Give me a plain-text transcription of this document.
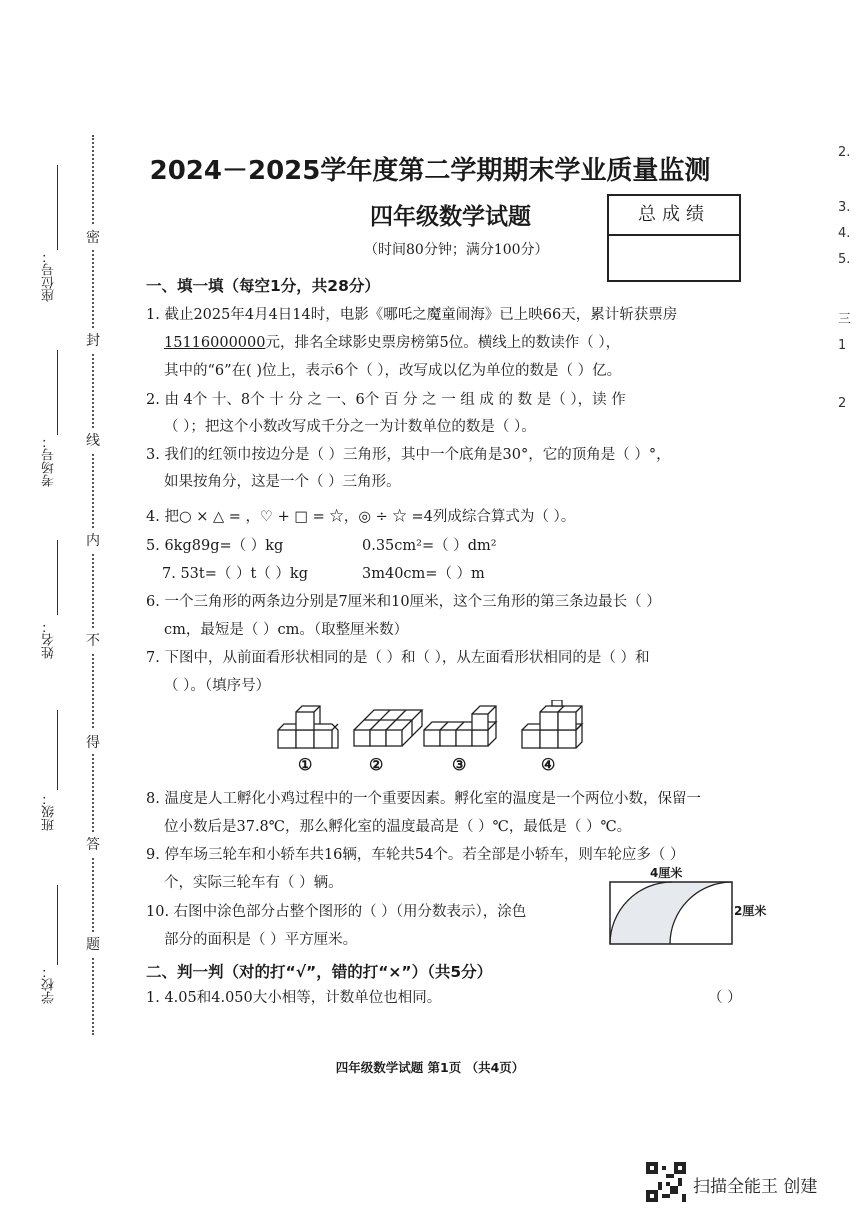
座位号：
考场号：
姓名：
班级：
学校：
密
封
线
内
不
得
答
题
2.
3.
4.
5.
三
1
2
2024－2025学年度第二学期期末学业质量监测
四年级数学试题
（时间80分钟；满分100分）
总成绩
一、填一填（每空1分，共28分）
1. 截止2025年4月4日14时，电影《哪吒之魔童闹海》已上映66天，累计斩获票房
15116000000元，排名全球影史票房榜第5位。横线上的数读作（ ），
其中的“6”在( )位上，表示6个（ ），改写成以亿为单位的数是（ ）亿。
2. 由 4个 十、8个 十 分 之 一、6个 百 分 之 一 组 成 的 数 是（ ），读 作
（ ）；把这个小数改写成千分之一为计数单位的数是（ ）。
3. 我们的红领巾按边分是（ ）三角形，其中一个底角是30°，它的顶角是（ ）°，
如果按角分，这是一个（ ）三角形。
4. 把○ × △ = ，♡ + □ = ☆，◎ ÷ ☆ =4列成综合算式为（ ）。
5. 6kg89g=（ ）kg	0.35cm²=（ ）dm²
7. 53t=（ ）t（ ）kg	3m40cm=（ ）m
6. 一个三角形的两条边分别是7厘米和10厘米，这个三角形的第三条边最长（ ）
cm，最短是（ ）cm。（取整厘米数）
7. 下图中，从前面看形状相同的是（ ）和（ ），从左面看形状相同的是（ ）和
（ ）。（填序号）
①	②	③	④
8. 温度是人工孵化小鸡过程中的一个重要因素。孵化室的温度是一个两位小数，保留一
位小数后是37.8℃，那么孵化室的温度最高是（ ）℃，最低是（ ）℃。
9. 停车场三轮车和小轿车共16辆，车轮共54个。若全部是小轿车，则车轮应多（ ）
个，实际三轮车有（ ）辆。
10. 右图中涂色部分占整个图形的（ ）（用分数表示），涂色
部分的面积是（ ）平方厘米。
4厘米
2厘米
二、判一判（对的打“√”，错的打“×”）（共5分）
1. 4.05和4.050大小相等，计数单位也相同。	（ ）
四年级数学试题 第1页 （共4页）
扫描全能王 创建
